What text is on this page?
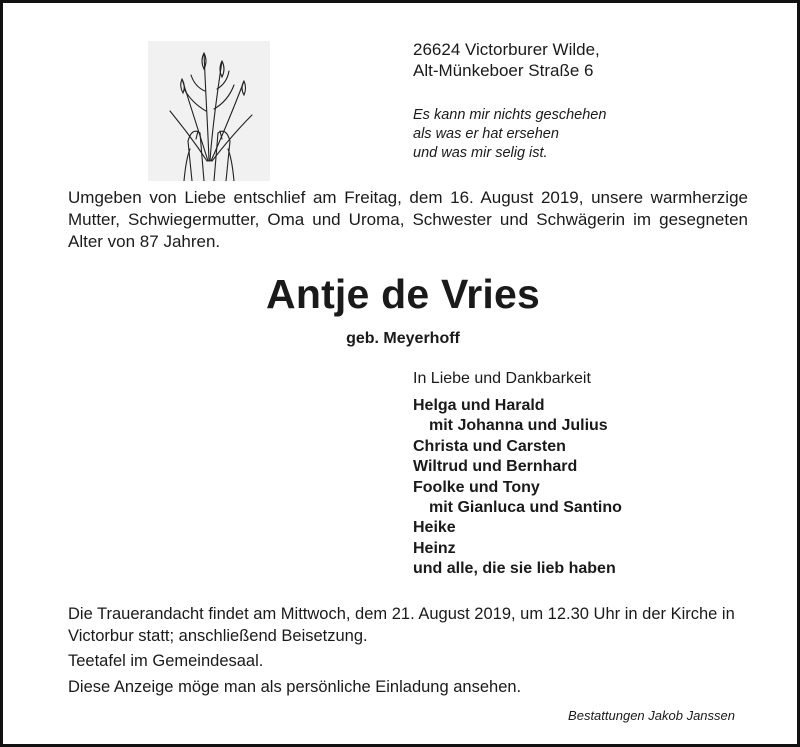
26624 Victorburer Wilde,
Alt-Münkeboer Straße 6
Es kann mir nichts geschehen
als was er hat ersehen
und was mir selig ist.
Umgeben von Liebe entschlief am Freitag, dem 16. August 2019, unsere warmherzige Mutter, Schwiegermutter, Oma und Uroma, Schwester und Schwägerin im gesegneten Alter von 87 Jahren.
Antje de Vries
geb. Meyerhoff
In Liebe und Dankbarkeit
Helga und Harald
mit Johanna und Julius
Christa und Carsten
Wiltrud und Bernhard
Foolke und Tony
mit Gianluca und Santino
Heike
Heinz
und alle, die sie lieb haben

Die Trauerandacht findet am Mittwoch, dem 21. August 2019, um 12.30 Uhr in der Kirche in Victorbur statt; anschließend Beisetzung.

Teetafel im Gemeindesaal.

Diese Anzeige möge man als persönliche Einladung ansehen.

Bestattungen Jakob Janssen
